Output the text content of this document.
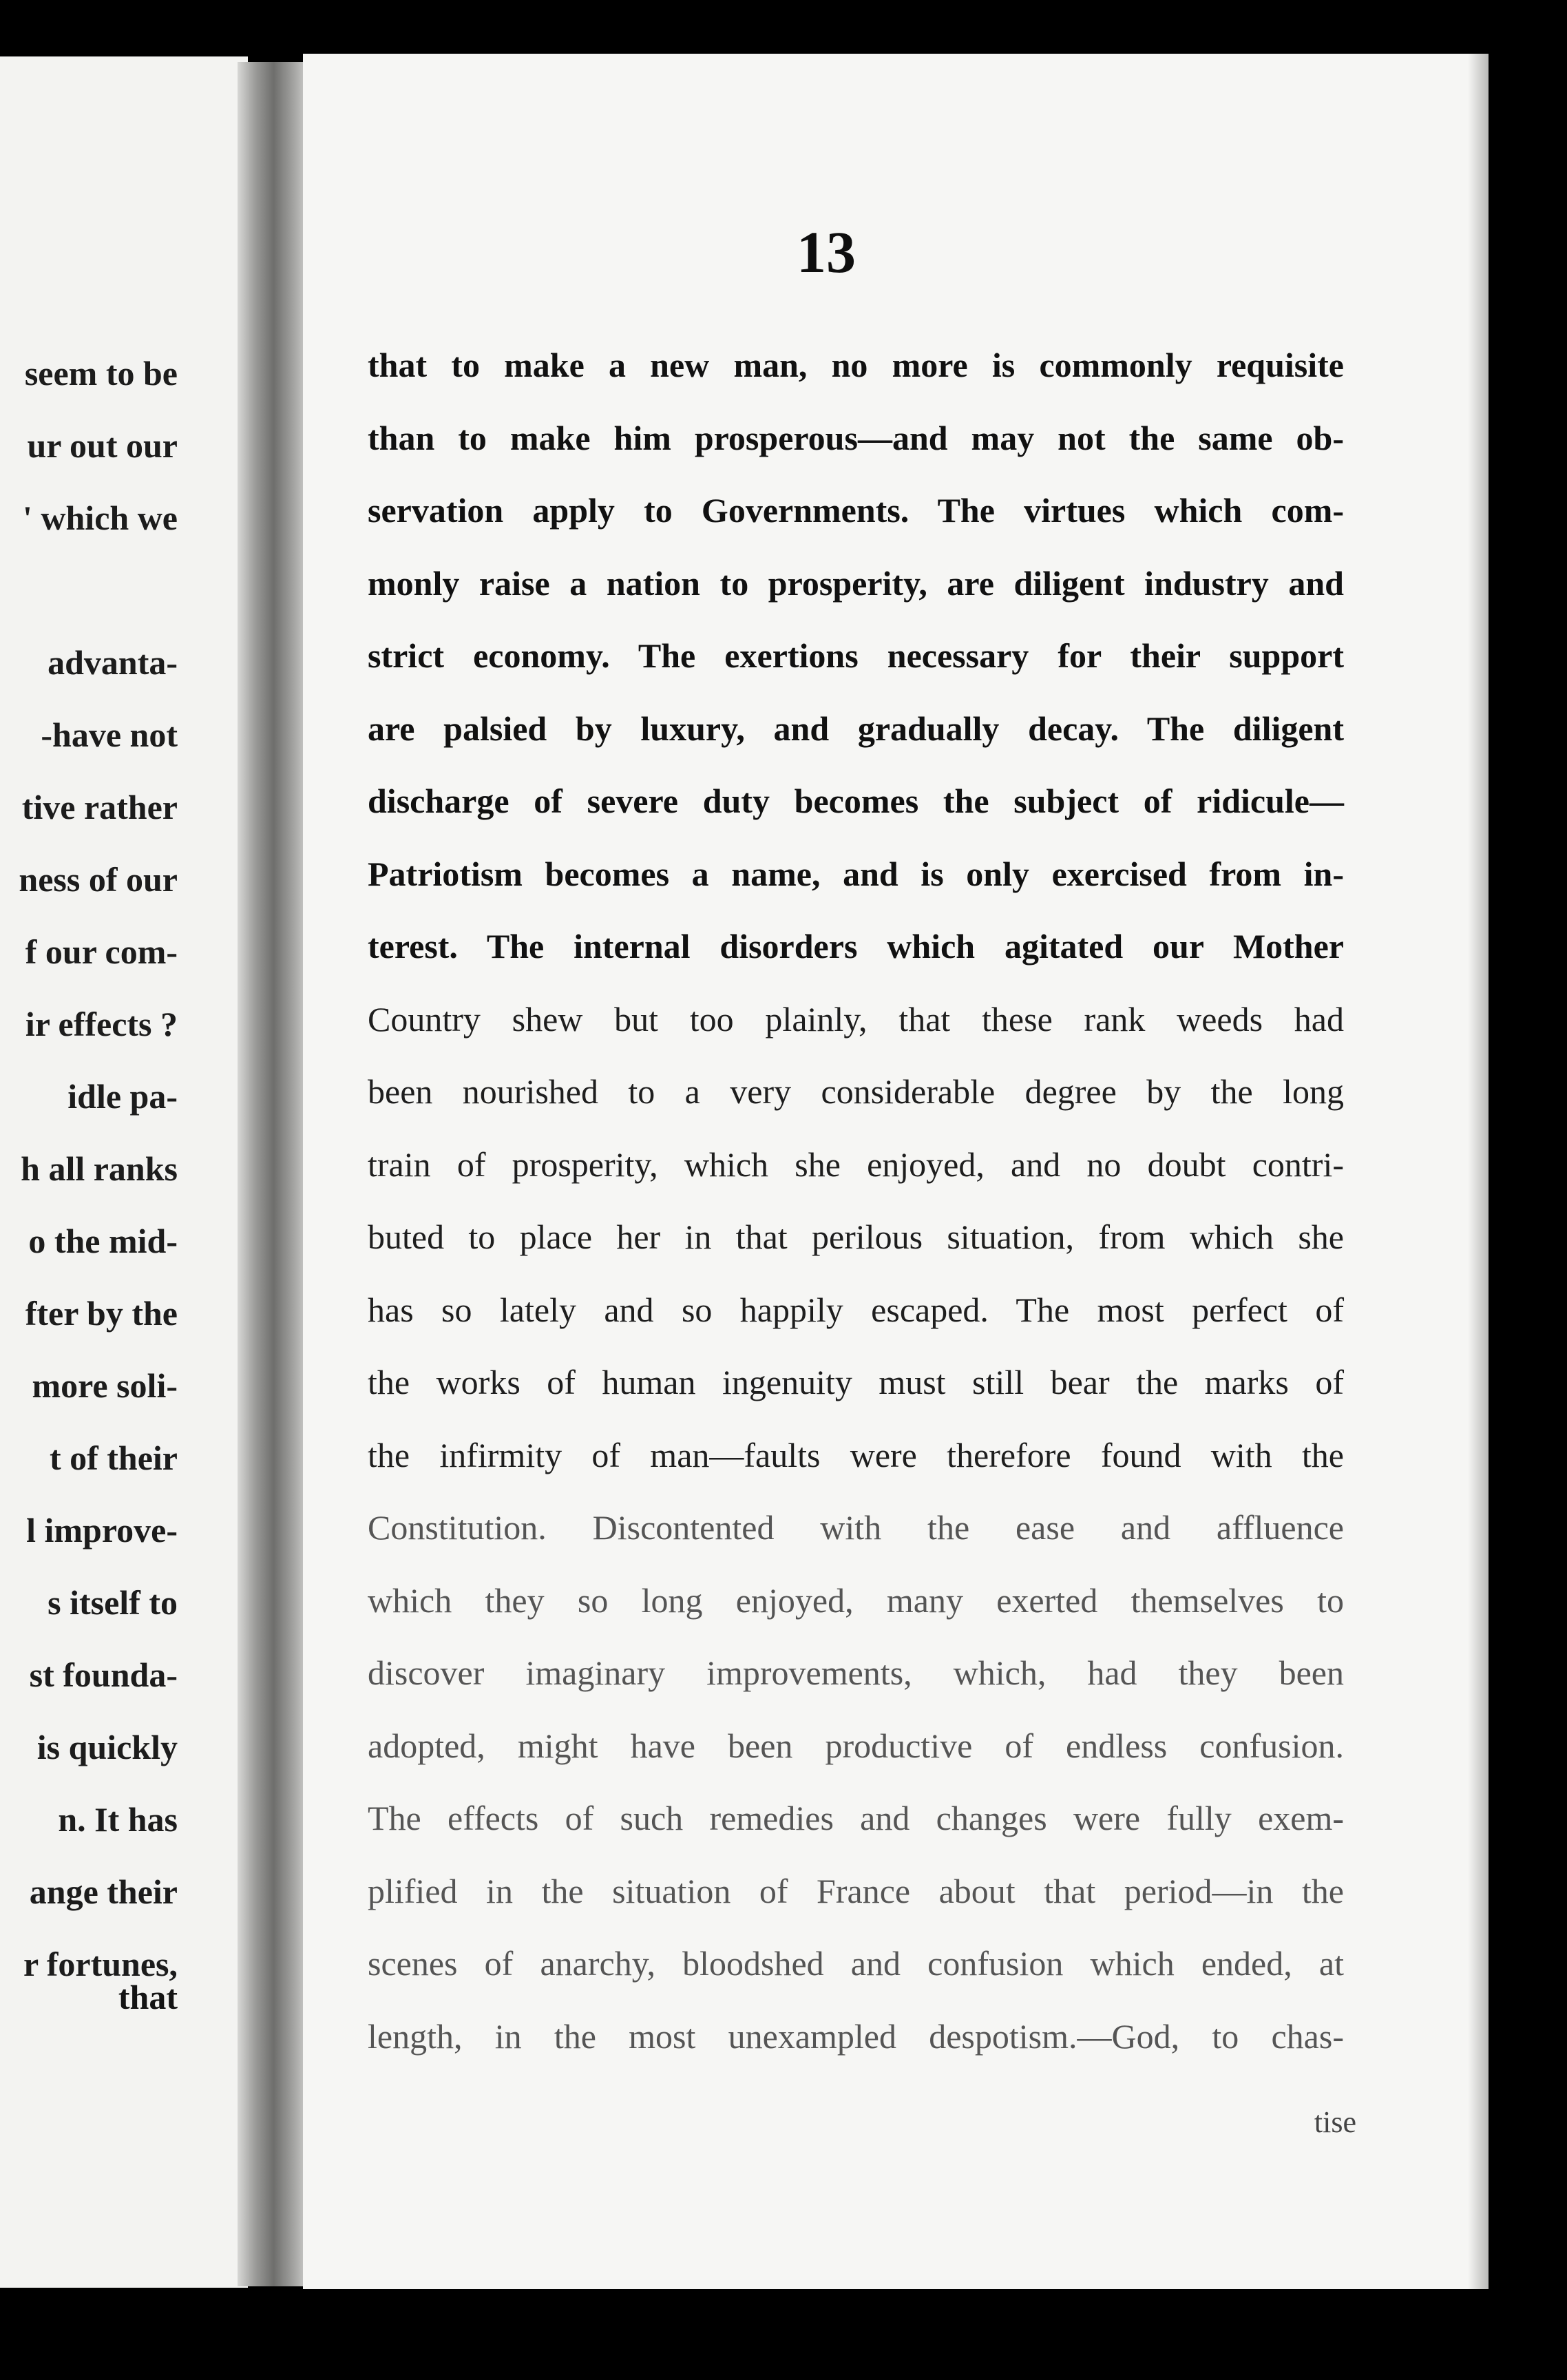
seem to be
ur out our
' which we
advanta-
-have not
tive rather
ness of our
f our com-
ir effects ?
idle pa-
h all ranks
o the mid-
fter by the
more soli-
t of their
l improve-
s itself to
st founda-
is quickly
n. It has
ange their
r fortunes,
that
13
that to make a new man, no more is commonly requisite
than to make him prosperous—and may not the same ob-
servation apply to Governments. The virtues which com-
monly raise a nation to prosperity, are diligent industry and
strict economy. The exertions necessary for their support
are palsied by luxury, and gradually decay. The diligent
discharge of severe duty becomes the subject of ridicule—
Patriotism becomes a name, and is only exercised from in-
terest. The internal disorders which agitated our Mother
Country shew but too plainly, that these rank weeds had
been nourished to a very considerable degree by the long
train of prosperity, which she enjoyed, and no doubt contri-
buted to place her in that perilous situation, from which she
has so lately and so happily escaped. The most perfect of
the works of human ingenuity must still bear the marks of
the infirmity of man—faults were therefore found with the
Constitution. Discontented with the ease and affluence
which they so long enjoyed, many exerted themselves to
discover imaginary improvements, which, had they been
adopted, might have been productive of endless confusion.
The effects of such remedies and changes were fully exem-
plified in the situation of France about that period—in the
scenes of anarchy, bloodshed and confusion which ended, at
length, in the most unexampled despotism.—God, to chas-
tise
